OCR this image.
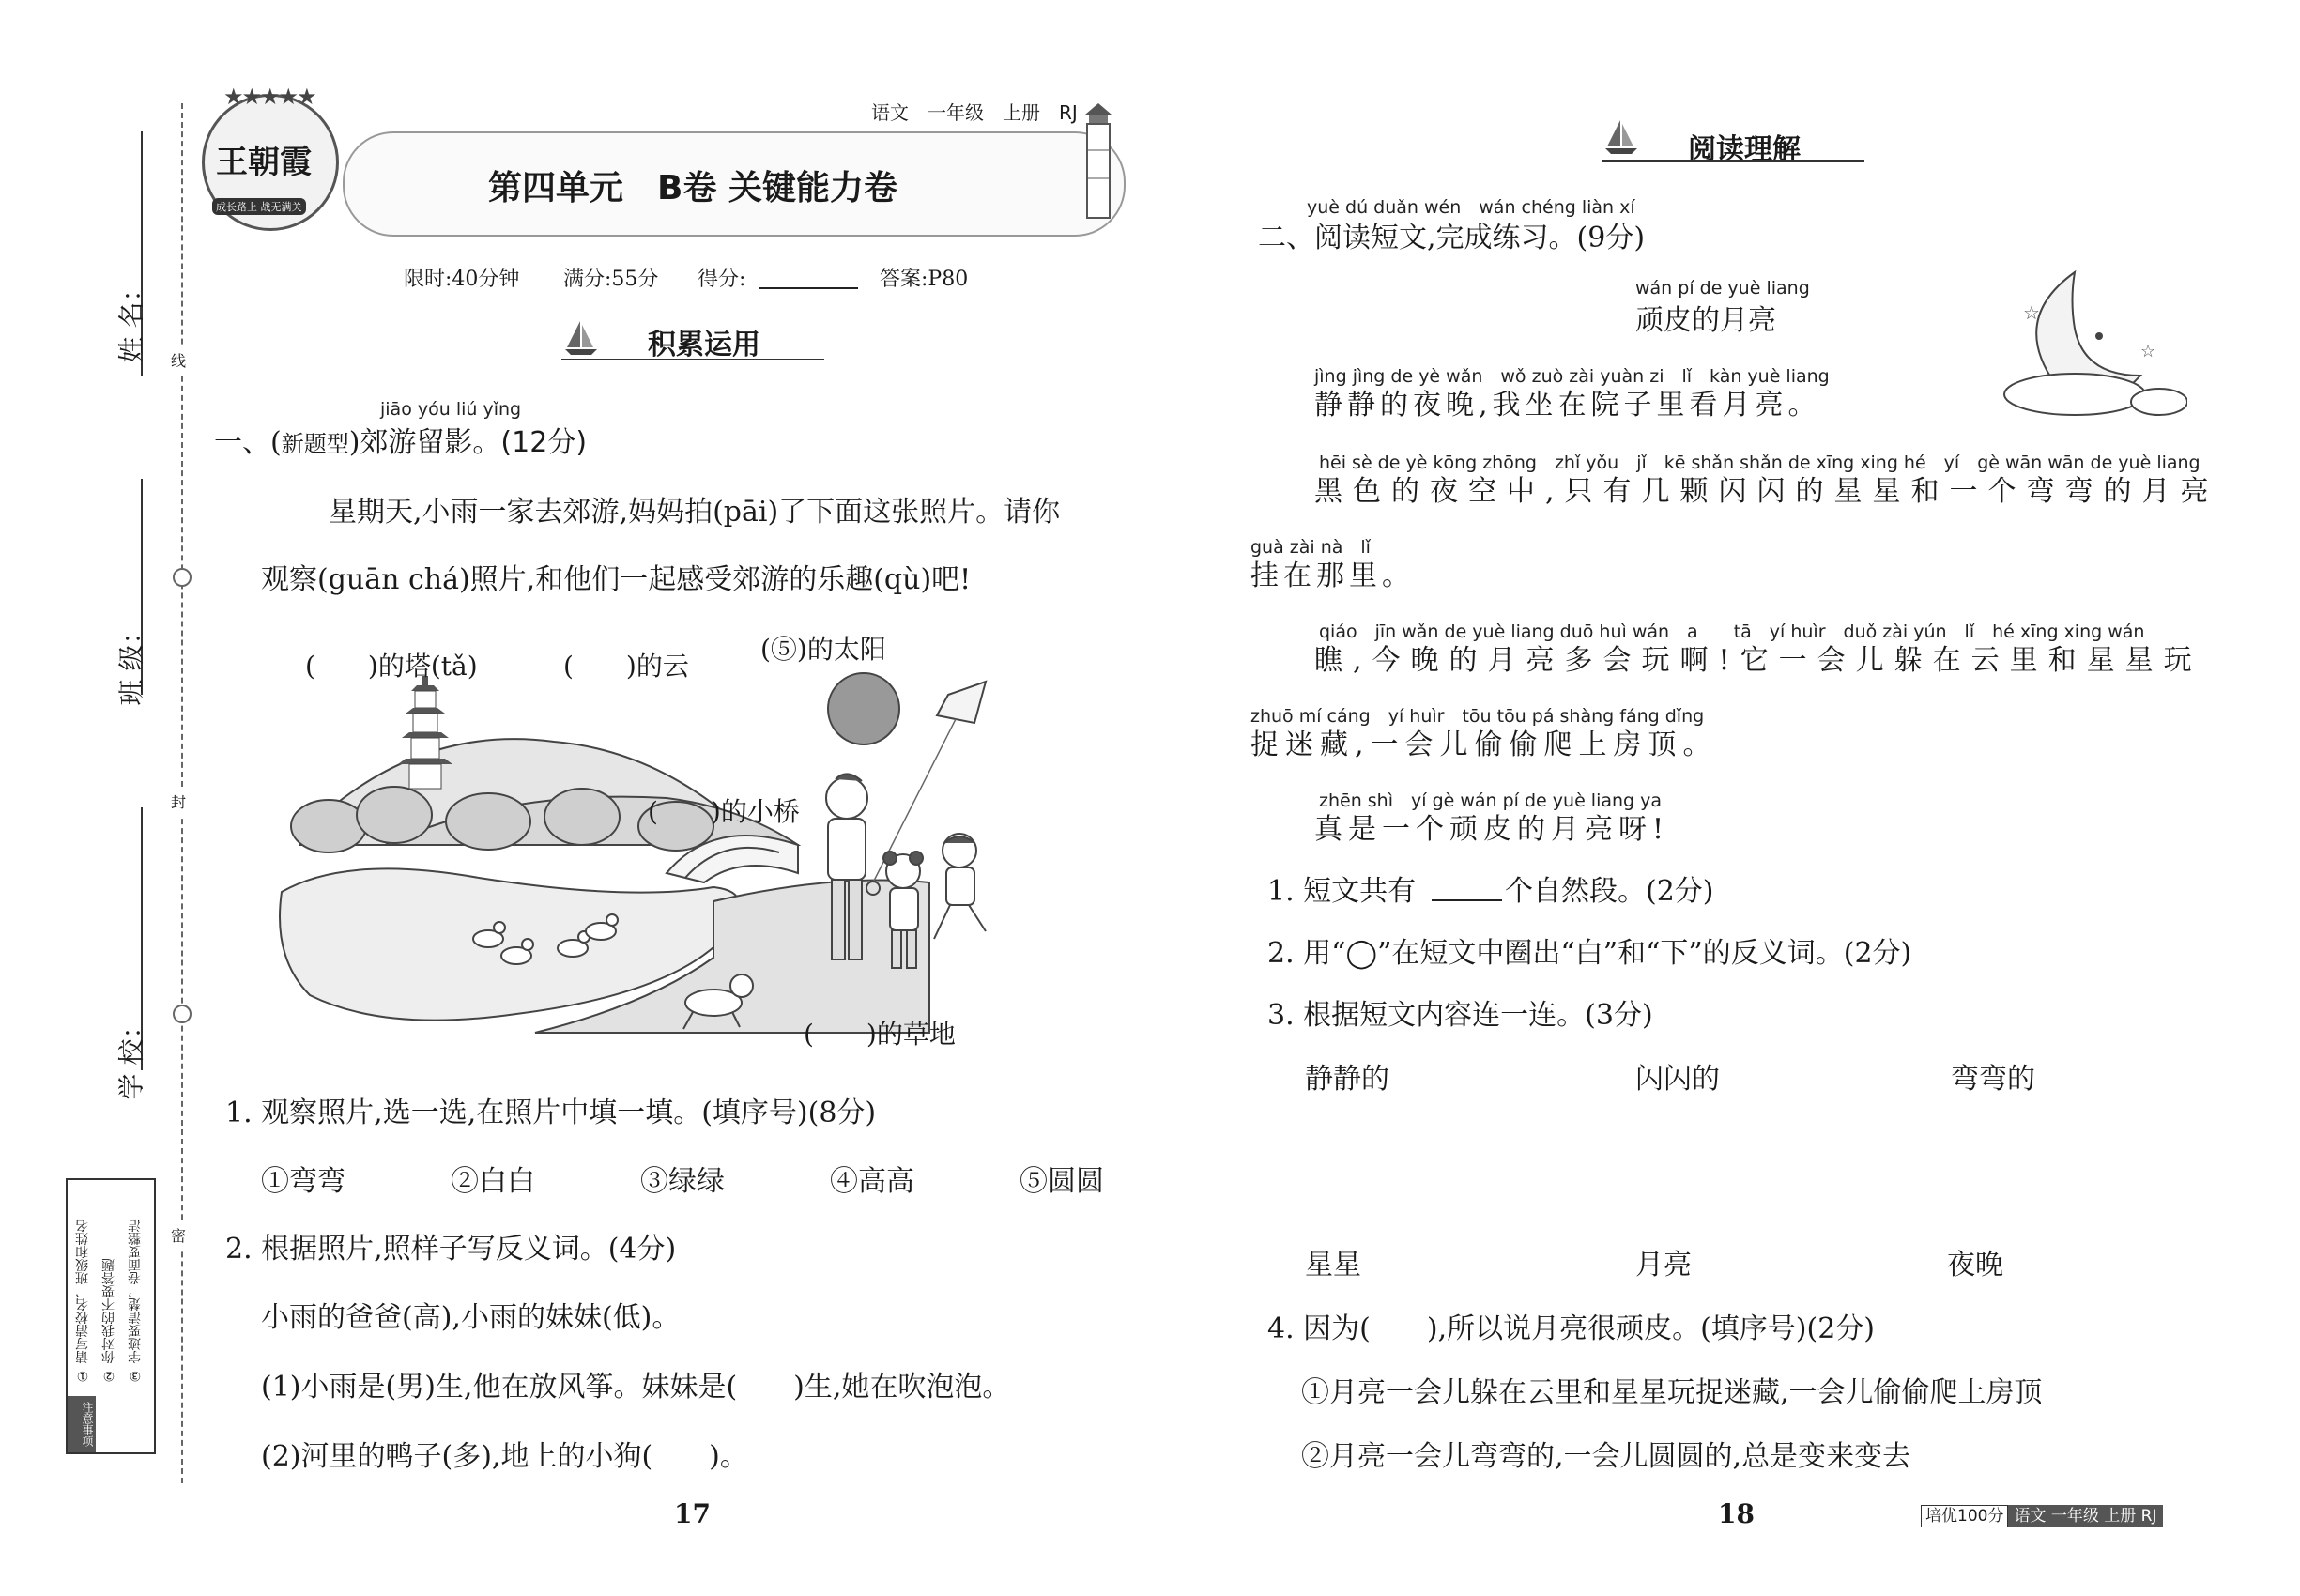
姓 名：
班 级：
学 校：
线
封
密
注意事项
① 请写清校名、班级和姓名 ② 你对我的不要答题 ③ 字迹要清楚，卷面要整洁
★★★★★
王朝霞
成长路上 战无满关
语文　一年级　上册　RJ
第四单元　B卷 关键能力卷
限时:40分钟 满分:55分 得分:	答案:P80
积累运用
jiāo yóu liú yǐng
一、(新题型)郊游留影。(12分)
星期天,小雨一家去郊游,妈妈拍(pāi)了下面这张照片。请你
观察(guān chá)照片,和他们一起感受郊游的乐趣(qù)吧!
(　　)的塔(tǎ)	(　　)的云
(⑤)的太阳
(　　)的小桥
(　　)的草地
1. 观察照片,选一选,在照片中填一填。(填序号)(8分)
①弯弯	②白白	③绿绿	④高高	⑤圆圆
2. 根据照片,照样子写反义词。(4分)
小雨的爸爸(高),小雨的妹妹(低)。
(1)小雨是(男)生,他在放风筝。妹妹是(　　)生,她在吹泡泡。
(2)河里的鸭子(多),地上的小狗(　　)。
17
阅读理解
yuè dú duǎn wén　wán chéng liàn xí
二、阅读短文,完成练习。(9分)
☆
☆
wán pí de yuè liang
顽皮的月亮
jìng jìng de yè wǎn　wǒ zuò zài yuàn zi　lǐ　kàn yuè liang
静静的夜晚,我坐在院子里看月亮。
hēi sè de yè kōng zhōng　zhǐ yǒu　jǐ　kē shǎn shǎn de xīng xing hé　yí　gè wān wān de yuè liang
黑色的夜空中,只有几颗闪闪的星星和一个弯弯的月亮
guà zài nà　lǐ
挂在那里。
qiáo　jīn wǎn de yuè liang duō huì wán　a　　tā　yí huìr　duǒ zài yún　lǐ　hé xīng xing wán
瞧,今晚的月亮多会玩啊!它一会儿躲在云里和星星玩
zhuō mí cáng　yí huìr　tōu tōu pá shàng fáng dǐng
捉迷藏,一会儿偷偷爬上房顶。
zhēn shì　yí gè wán pí de yuè liang ya
真是一个顽皮的月亮呀!
1. 短文共有	个自然段。(2分)
2. 用“◯”在短文中圈出“白”和“下”的反义词。(2分)
3. 根据短文内容连一连。(3分)
静静的	闪闪的	弯弯的
星星	月亮	夜晚
4. 因为(　　),所以说月亮很顽皮。(填序号)(2分)
①月亮一会儿躲在云里和星星玩捉迷藏,一会儿偷偷爬上房顶
②月亮一会儿弯弯的,一会儿圆圆的,总是变来变去
18	培优100分 语文 一年级 上册 RJ
